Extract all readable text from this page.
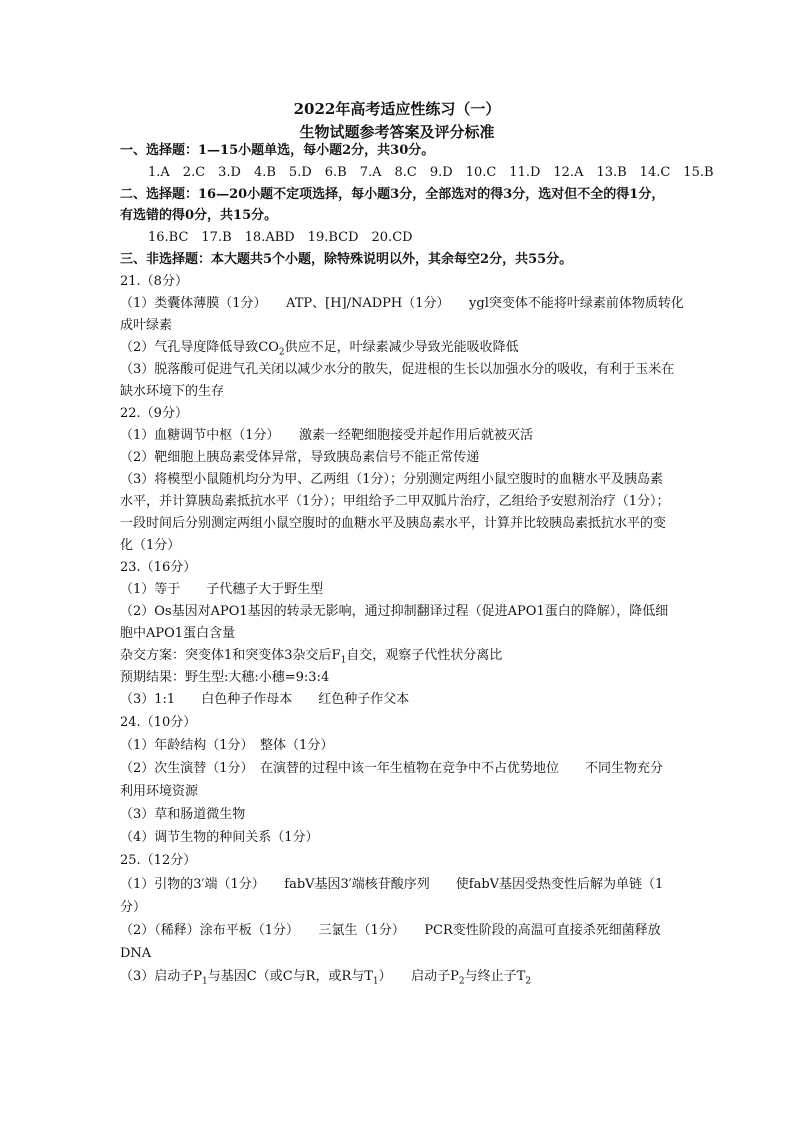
2022年高考适应性练习（一）
生物试题参考答案及评分标准
一、选择题：1—15小题单选，每小题2分，共30分。
1.A　2.C　3.D　4.B　5.D　6.B　7.A　8.C　9.D　10.C　11.D　12.A　13.B　14.C　15.B
二、选择题：16—20小题不定项选择，每小题3分，全部选对的得3分，选对但不全的得1分，
有选错的得0分，共15分。
16.BC　17.B　18.ABD　19.BCD　20.CD
三、非选择题：本大题共5个小题，除特殊说明以外，其余每空2分，共55分。
21.（8分）
（1）类囊体薄膜（1分）　　ATP、[H]/NADPH（1分）　　ygl突变体不能将叶绿素前体物质转化
成叶绿素
（2）气孔导度降低导致$CO_2$供应不足，叶绿素减少导致光能吸收降低
（3）脱落酸可促进气孔关闭以减少水分的散失，促进根的生长以加强水分的吸收，有利于玉米在
缺水环境下的生存
22.（9分）
（1）血糖调节中枢（1分）　　激素一经靶细胞接受并起作用后就被灭活
（2）靶细胞上胰岛素受体异常，导致胰岛素信号不能正常传递
（3）将模型小鼠随机均分为甲、乙两组（1分）；分别测定两组小鼠空腹时的血糖水平及胰岛素
水平，并计算胰岛素抵抗水平（1分）；甲组给予二甲双胍片治疗，乙组给予安慰剂治疗（1分）；
一段时间后分别测定两组小鼠空腹时的血糖水平及胰岛素水平，计算并比较胰岛素抵抗水平的变
化（1分）
23.（16分）
（1）等于　　子代穗子大于野生型
（2）Os基因对APO1基因的转录无影响，通过抑制翻译过程（促进APO1蛋白的降解），降低细
胞中APO1蛋白含量
杂交方案：突变体1和突变体3杂交后$F_1$自交，观察子代性状分离比
预期结果：野生型:大穗:小穗=9:3:4
（3）1:1　　白色种子作母本　　红色种子作父本
24.（10分）
（1）年龄结构（1分）　整体（1分）
（2）次生演替（1分）　在演替的过程中该一年生植物在竞争中不占优势地位　　不同生物充分
利用环境资源
（3）草和肠道微生物
（4）调节生物的种间关系（1分）
25.（12分）
（1）引物的3′端（1分）　　fabV基因3′端核苷酸序列　　使fabV基因受热变性后解为单链（1
分）
（2）（稀释）涂布平板（1分）　　三氯生（1分）　　PCR变性阶段的高温可直接杀死细菌释放
DNA
（3）启动子$P_1$与基因C（或C与R，或R与$T_1$）　　启动子$P_2$与终止子$T_2$
